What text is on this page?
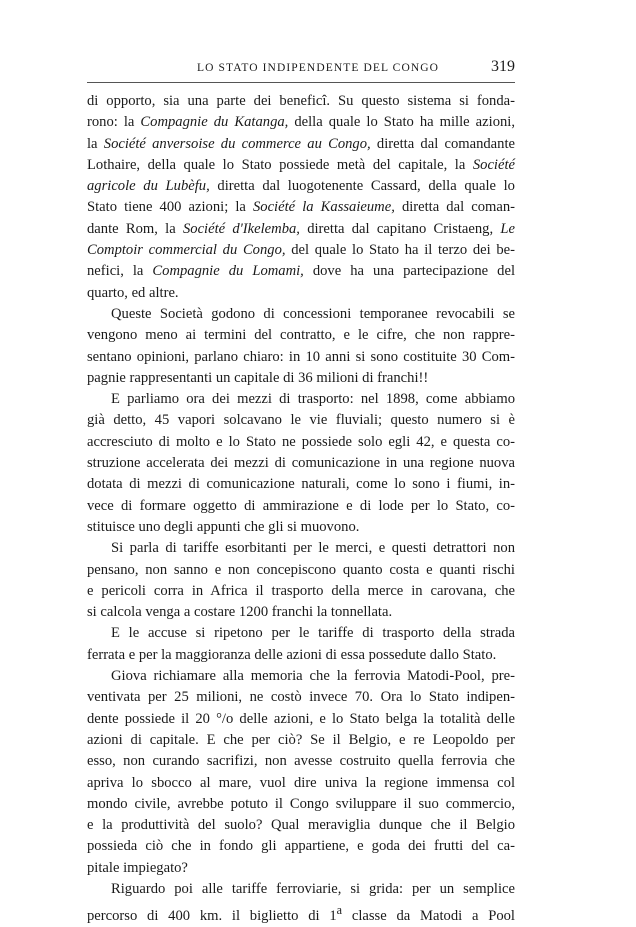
LO STATO INDIPENDENTE DEL CONGO	319
di opporto, sia una parte dei beneficî. Su questo sistema si fonda-
rono: la Compagnie du Katanga, della quale lo Stato ha mille azioni,
la Société anversoise du commerce au Congo, diretta dal comandante
Lothaire, della quale lo Stato possiede metà del capitale, la Société
agricole du Lubèfu, diretta dal luogotenente Cassard, della quale lo
Stato tiene 400 azioni; la Société la Kassaieume, diretta dal coman-
dante Rom, la Société d'Ikelemba, diretta dal capitano Cristaeng, Le
Comptoir commercial du Congo, del quale lo Stato ha il terzo dei be-
nefici, la Compagnie du Lomami, dove ha una partecipazione del
quarto, ed altre.
Queste Società godono di concessioni temporanee revocabili se
vengono meno ai termini del contratto, e le cifre, che non rappre-
sentano opinioni, parlano chiaro: in 10 anni si sono costituite 30 Com-
pagnie rappresentanti un capitale di 36 milioni di franchi!!
E parliamo ora dei mezzi di trasporto: nel 1898, come abbiamo
già detto, 45 vapori solcavano le vie fluviali; questo numero si è
accresciuto di molto e lo Stato ne possiede solo egli 42, e questa co-
struzione accelerata dei mezzi di comunicazione in una regione nuova
dotata di mezzi di comunicazione naturali, come lo sono i fiumi, in-
vece di formare oggetto di ammirazione e di lode per lo Stato, co-
stituisce uno degli appunti che gli si muovono.
Si parla di tariffe esorbitanti per le merci, e questi detrattori non
pensano, non sanno e non concepiscono quanto costa e quanti rischi
e pericoli corra in Africa il trasporto della merce in carovana, che
si calcola venga a costare 1200 franchi la tonnellata.
E le accuse si ripetono per le tariffe di trasporto della strada
ferrata e per la maggioranza delle azioni di essa possedute dallo Stato.
Giova richiamare alla memoria che la ferrovia Matodi-Pool, pre-
ventivata per 25 milioni, ne costò invece 70. Ora lo Stato indipen-
dente possiede il 20 °/o delle azioni, e lo Stato belga la totalità delle
azioni di capitale. E che per ciò? Se il Belgio, e re Leopoldo per
esso, non curando sacrifizi, non avesse costruito quella ferrovia che
apriva lo sbocco al mare, vuol dire univa la regione immensa col
mondo civile, avrebbe potuto il Congo sviluppare il suo commercio,
e la produttività del suolo? Qual meraviglia dunque che il Belgio
possieda ciò che in fondo gli appartiene, e goda dei frutti del ca-
pitale impiegato?
Riguardo poi alle tariffe ferroviarie, si grida: per un semplice
percorso di 400 km. il biglietto di 1$^a$ classe da Matodi a Pool
